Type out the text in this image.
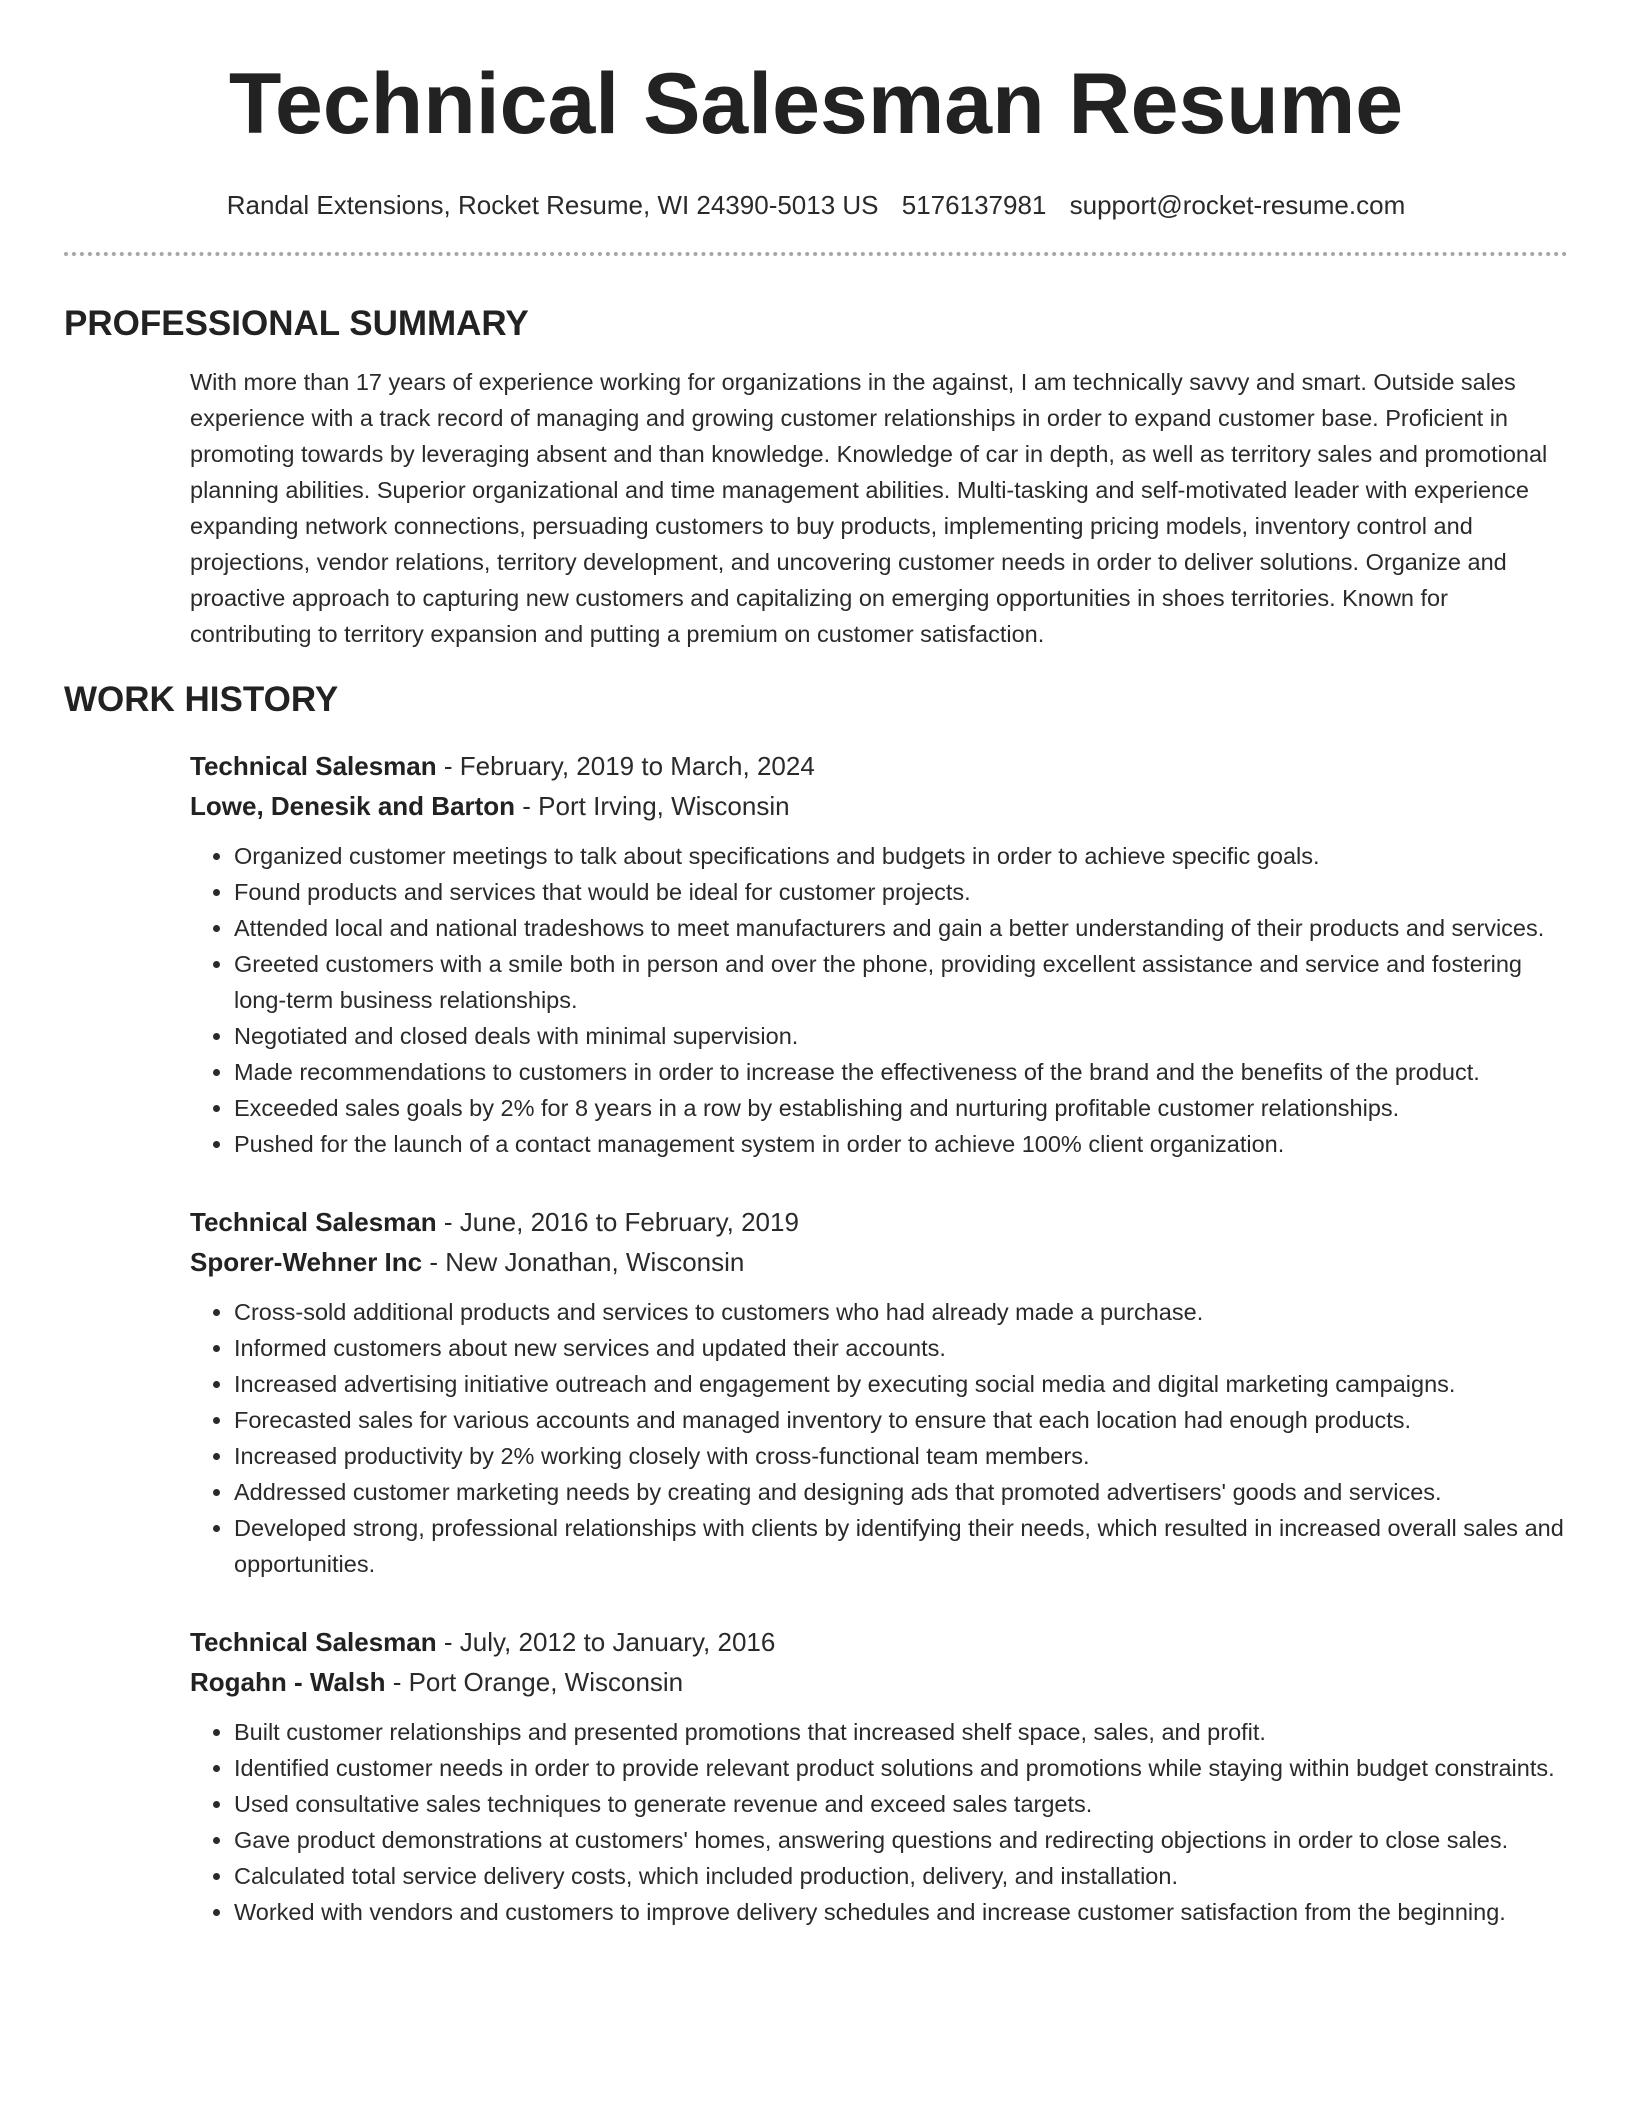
Technical Salesman Resume
Randal Extensions, Rocket Resume, WI 24390-5013 US 5176137981 support@rocket-resume.com
PROFESSIONAL SUMMARY

With more than 17 years of experience working for organizations in the against, I am technically savvy and smart. Outside sales experience with a track record of managing and growing customer relationships in order to expand customer base. Proficient in promoting towards by leveraging absent and than knowledge. Knowledge of car in depth, as well as territory sales and promotional planning abilities. Superior organizational and time management abilities. Multi-tasking and self-motivated leader with experience expanding network connections, persuading customers to buy products, implementing pricing models, inventory control and projections, vendor relations, territory development, and uncovering customer needs in order to deliver solutions. Organize and proactive approach to capturing new customers and capitalizing on emerging opportunities in shoes territories. Known for contributing to territory expansion and putting a premium on customer satisfaction.

WORK HISTORY
Technical Salesman - February, 2019 to March, 2024
Lowe, Denesik and Barton - Port Irving, Wisconsin
• Organized customer meetings to talk about specifications and budgets in order to achieve specific goals.
• Found products and services that would be ideal for customer projects.
• Attended local and national tradeshows to meet manufacturers and gain a better understanding of their products and services.
• Greeted customers with a smile both in person and over the phone, providing excellent assistance and service and fostering long-term business relationships.
• Negotiated and closed deals with minimal supervision.
• Made recommendations to customers in order to increase the effectiveness of the brand and the benefits of the product.
• Exceeded sales goals by 2% for 8 years in a row by establishing and nurturing profitable customer relationships.
• Pushed for the launch of a contact management system in order to achieve 100% client organization.
Technical Salesman - June, 2016 to February, 2019
Sporer-Wehner Inc - New Jonathan, Wisconsin
• Cross-sold additional products and services to customers who had already made a purchase.
• Informed customers about new services and updated their accounts.
• Increased advertising initiative outreach and engagement by executing social media and digital marketing campaigns.
• Forecasted sales for various accounts and managed inventory to ensure that each location had enough products.
• Increased productivity by 2% working closely with cross-functional team members.
• Addressed customer marketing needs by creating and designing ads that promoted advertisers' goods and services.
• Developed strong, professional relationships with clients by identifying their needs, which resulted in increased overall sales and opportunities.
Technical Salesman - July, 2012 to January, 2016
Rogahn - Walsh - Port Orange, Wisconsin
• Built customer relationships and presented promotions that increased shelf space, sales, and profit.
• Identified customer needs in order to provide relevant product solutions and promotions while staying within budget constraints.
• Used consultative sales techniques to generate revenue and exceed sales targets.
• Gave product demonstrations at customers' homes, answering questions and redirecting objections in order to close sales.
• Calculated total service delivery costs, which included production, delivery, and installation.
• Worked with vendors and customers to improve delivery schedules and increase customer satisfaction from the beginning.
